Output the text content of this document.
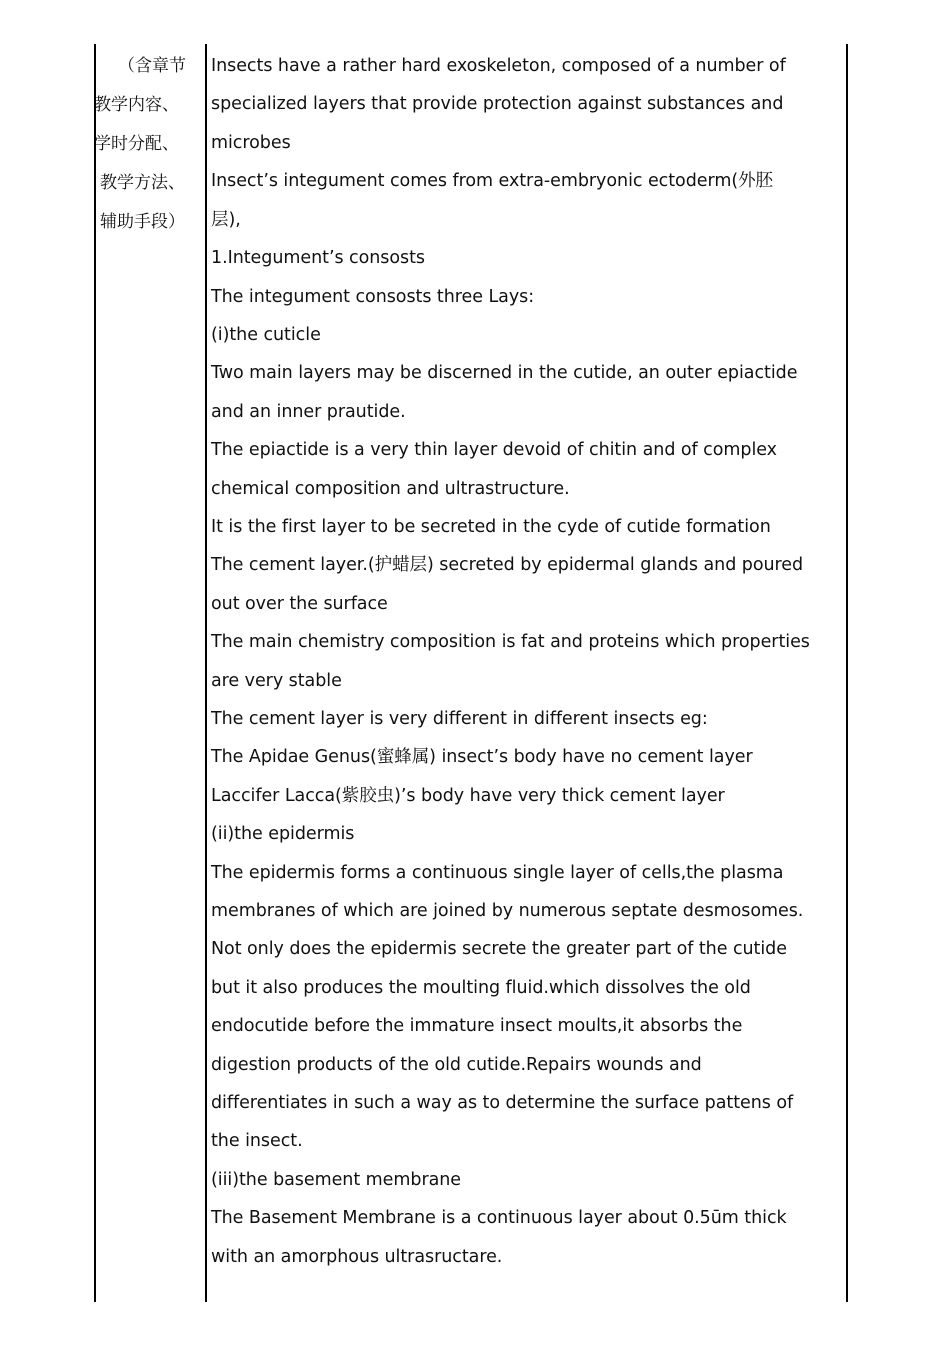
（含章节
教学内容、
学时分配、
教学方法、
辅助手段）
Insects have a rather hard exoskeleton, composed of a number of
specialized layers that provide protection against substances and
microbes
Insect’s integument comes from extra-embryonic ectoderm(外胚
层),
1.Integument’s consosts
The integument consosts three Lays:
(i)the cuticle
Two main layers may be discerned in the cutide, an outer epiactide
and an inner prautide.
The epiactide is a very thin layer devoid of chitin and of complex
chemical composition and ultrastructure.
It is the first layer to be secreted in the cyde of cutide formation
The cement layer.(护蜡层) secreted by epidermal glands and poured
out over the surface
The main chemistry composition is fat and proteins which properties
are very stable
The cement layer is very different in different insects eg:
The Apidae Genus(蜜蜂属) insect’s body have no cement layer
Laccifer Lacca(紫胶虫)’s body have very thick cement layer
(ii)the epidermis
The epidermis forms a continuous single layer of cells,the plasma
membranes of which are joined by numerous septate desmosomes.
Not only does the epidermis secrete the greater part of the cutide
but it also produces the moulting fluid.which dissolves the old
endocutide before the immature insect moults,it absorbs the
digestion products of the old cutide.Repairs wounds and
differentiates in such a way as to determine the surface pattens of
the insect.
(iii)the basement membrane
The Basement Membrane is a continuous layer about 0.5ūm thick
with an amorphous ultrasructare.
